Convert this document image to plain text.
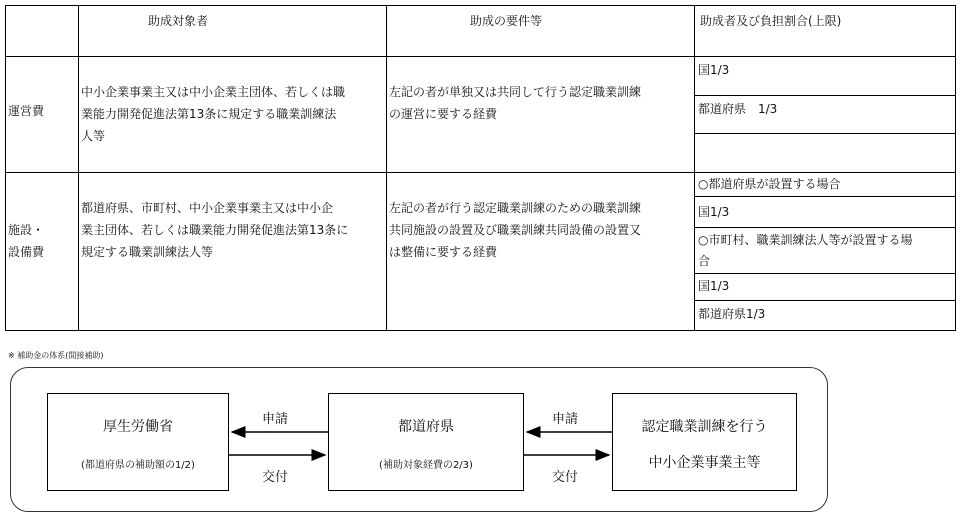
助成対象者	助成の要件等	助成者及び負担割合(上限)
運営費
中小企業事業主又は中小企業主団体、若しくは職
業能力開発促進法第13条に規定する職業訓練法
人等
左記の者が単独又は共同して行う認定職業訓練
の運営に要する経費
国1/3
都道府県　1/3
施設・
設備費
都道府県、市町村、中小企業事業主又は中小企
業主団体、若しくは職業能力開発促進法第13条に
規定する職業訓練法人等
左記の者が行う認定職業訓練のための職業訓練
共同施設の設置及び職業訓練共同設備の設置又
は整備に要する経費
○都道府県が設置する場合
国1/3
○市町村、職業訓練法人等が設置する場
合
国1/3
都道府県1/3
※ 補助金の体系(間接補助)
厚生労働省
(都道府県の補助額の1/2)
都道府県
(補助対象経費の2/3)
認定職業訓練を行う
中小企業事業主等
申請
交付
申請
交付
